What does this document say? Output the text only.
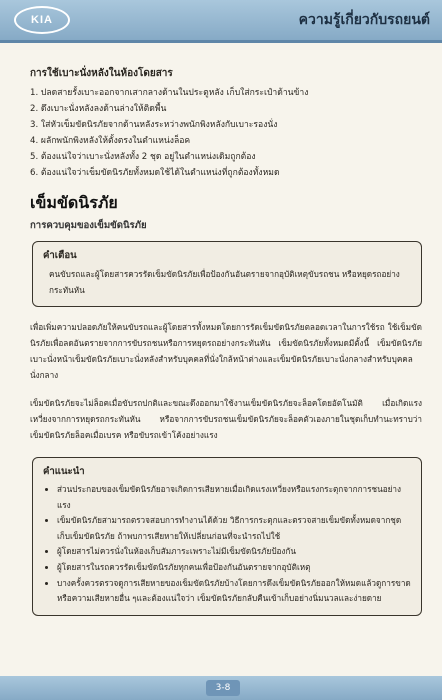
KIA	ความรู้เกี่ยวกับรถยนต์
การใช้เบาะนั่งหลังในห้องโดยสาร
1. ปลดสายรั้งเบาะออกจากเสากลางด้านในประตูหลัง เก็บใส่กระเป๋าด้านข้าง
2. ดึงเบาะนั่งหลังลงด้านล่างให้ติดพื้น
3. ใส่หัวเข็มขัดนิรภัยจากด้านหลังระหว่างพนักพิงหลังกับเบาะรองนั่ง
4. ผลักพนักพิงหลังให้ตั้งตรงในตำแหน่งล็อค
5. ต้องแน่ใจว่าเบาะนั่งหลังทั้ง 2 ชุด อยู่ในตำแหน่งเดิมถูกต้อง
6. ต้องแน่ใจว่าเข็มขัดนิรภัยทั้งหมดใช้ได้ในตำแหน่งที่ถูกต้องทั้งหมด
เข็มขัดนิรภัย
การควบคุมของเข็มขัดนิรภัย
คำเตือน
คนขับรถและผู้โดยสารควรรัดเข็มขัดนิรภัยเพื่อป้องกันอันตรายจากอุบัติเหตุขับรถชน หรือหยุดรถอย่างกระทันหัน

เพื่อเพิ่มความปลอดภัยให้คนขับรถและผู้โดยสารทั้งหมดโดยการรัดเข็มขัดนิรภัยตลอดเวลาในการใช้รถ ใช้เข็มขัดนิรภัยเพื่อลดอันตรายจากการขับรถชนหรือการหยุดรถอย่างกระทันหัน เข็มขัดนิรภัยทั้งหมดมีตั้งนี้ เข็มขัดนิรภัยเบาะนั่งหน้าเข็มขัดนิรภัยเบาะนั่งหลังสำหรับบุคคลที่นั่งใกล้หน้าต่างและเข็มขัดนิรภัยเบาะนั่งกลางสำหรับบุคคลนั่งกลาง

เข็มขัดนิรภัยจะไม่ล็อคเมื่อขับรถปกติและขณะดึงออกมาใช้งานเข็มขัดนิรภัยจะล็อคโดยอัตโนมัติ เมื่อเกิดแรงเหวี่ยงจากการหยุดรถกระทันหัน หรือจากการขับรถชนเข็มขัดนิรภัยจะล็อคตัวเองภายในชุดเก็บทำนะทราบว่าเข็มขัดนิรภัยล็อคเมื่อเบรค หรือขับรถเข้าโค้งอย่างแรง

คำแนะนำ
• ส่วนประกอบของเข็มขัดนิรภัยอาจเกิดการเสียหายเมื่อเกิดแรงเหวี่ยงหรือแรงกระตุกจากการชนอย่างแรง
• เข็มขัดนิรภัยสามารถตรวจสอบการทำงานได้ด้วย วิธีการกระตุกและตรวจสายเข็มขัดทั้งหมดจากชุดเก็บเข็มขัดนิรภัย ถ้าพบการเสียหายให้เปลี่ยนก่อนที่จะนำรถไปใช้
• ผู้โดยสารไม่ควรนั่งในห้องเก็บสัมภาระเพราะไม่มีเข็มขัดนิรภัยป้องกัน
• ผู้โดยสารในรถควรรัดเข็มขัดนิรภัยทุกคนเพื่อป้องกันอันตรายจากอุบัติเหตุ
• บางครั้งควรตรวจดูการเสียหายของเข็มขัดนิรภัยบ้างโดยการดึงเข็มขัดนิรภัยออกให้หมดแล้วดูการขาด หรือความเสียหายอื่น ๆและต้องแน่ใจว่า เข็มขัดนิรภัยกลับคืนเข้าเก็บอย่างนิ่มนวลและง่ายดาย
3-8
